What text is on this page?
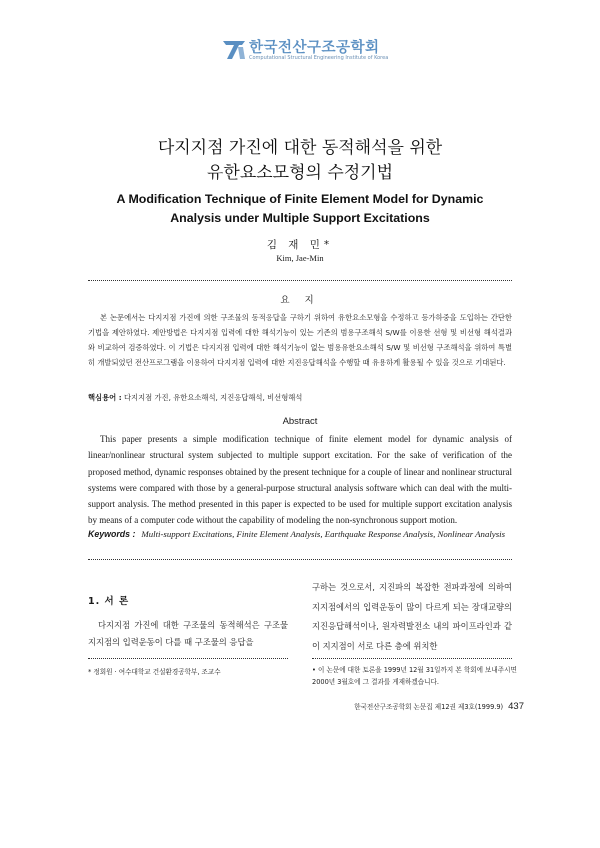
한국전산구조공학회
Computational Structural Engineering Institute of Korea
다지지점 가진에 대한 동적해석을 위한 유한요소모형의 수정기법
A Modification Technique of Finite Element Model for Dynamic Analysis under Multiple Support Excitations
김 재 민*
Kim, Jae-Min
요 지
본 논문에서는 다지지점 가진에 의한 구조물의 동적응답을 구하기 위하여 유한요소모형을 수정하고 등가하중을 도입하는 간단한 기법을 제안하였다. 제안방법은 다지지점 입력에 대한 해석기능이 있는 기존의 범용구조해석 S/W를 이용한 선형 및 비선형 해석결과와 비교하여 검증하였다. 이 기법은 다지지점 입력에 대한 해석기능이 없는 범용유한요소해석 S/W 및 비선형 구조해석을 위하여 특별히 개발되었던 전산프로그램을 이용하여 다지지점 입력에 대한 지진응답해석을 수행할 때 유용하게 활용될 수 있을 것으로 기대된다.
핵심용어 : 다지지점 가진, 유한요소해석, 지진응답해석, 비선형해석
Abstract
This paper presents a simple modification technique of finite element model for dynamic analysis of linear/nonlinear structural system subjected to multiple support excitation. For the sake of verification of the proposed method, dynamic responses obtained by the present technique for a couple of linear and nonlinear structural systems were compared with those by a general-purpose structural analysis software which can deal with the multi-support analysis. The method presented in this paper is expected to be used for multiple support excitation analysis by means of a computer code without the capability of modeling the non-synchronous support motion.
Keywords : Multi-support Excitations, Finite Element Analysis, Earthquake Response Analysis, Nonlinear Analysis
1. 서 론
다지지점 가진에 대한 구조물의 동적해석은 구조물 지지점의 입력운동이 다를 때 구조물의 응답을
구하는 것으로서, 지진파의 복잡한 전파과정에 의하여 지지점에서의 입력운동이 많이 다르게 되는 장대교량의 지진응답해석이나, 원자력발전소 내의 파이프라인과 같이 지지점이 서로 다른 층에 위치한
* 정회원 · 여수대학교 건설환경공학부, 조교수	• 이 논문에 대한 토론을 1999년 12월 31일까지 본 학회에 보내주시면 2000년 3월호에 그 결과를 게재하겠습니다.
한국전산구조공학회 논문집 제12권 제3호(1999.9) 437
